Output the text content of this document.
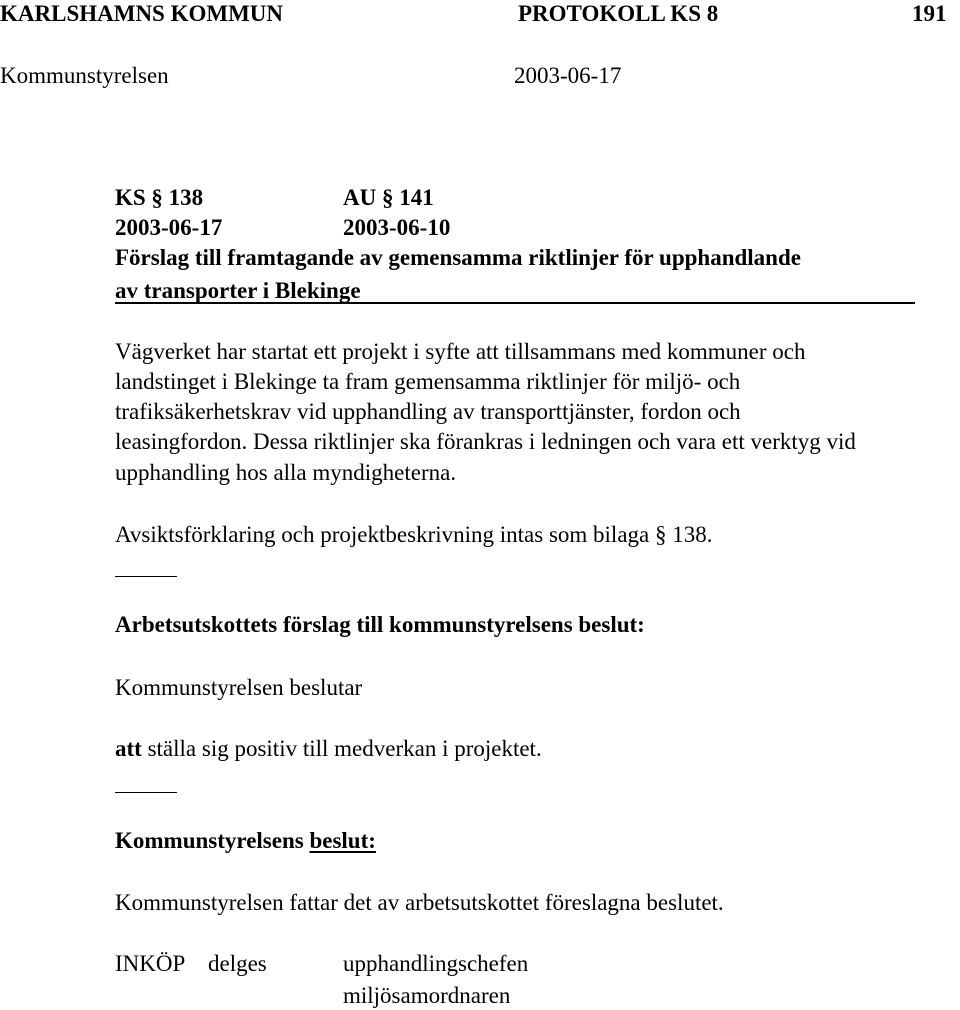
KARLSHAMNS KOMMUN	PROTOKOLL KS 8	191
Kommunstyrelsen	2003-06-17
KS § 138	AU § 141
2003-06-17	2003-06-10
Förslag till framtagande av gemensamma riktlinjer för upphandlande
av transporter i Blekinge
Vägverket har startat ett projekt i syfte att tillsammans med kommuner och
landstinget i Blekinge ta fram gemensamma riktlinjer för miljö- och
trafiksäkerhetskrav vid upphandling av transporttjänster, fordon och
leasingfordon. Dessa riktlinjer ska förankras i ledningen och vara ett verktyg vid
upphandling hos alla myndigheterna.
Avsiktsförklaring och projektbeskrivning intas som bilaga § 138.
Arbetsutskottets förslag till kommunstyrelsens beslut:
Kommunstyrelsen beslutar
att ställa sig positiv till medverkan i projektet.
Kommunstyrelsens beslut:
Kommunstyrelsen fattar det av arbetsutskottet föreslagna beslutet.
INKÖP delges	upphandlingschefen
miljösamordnaren
